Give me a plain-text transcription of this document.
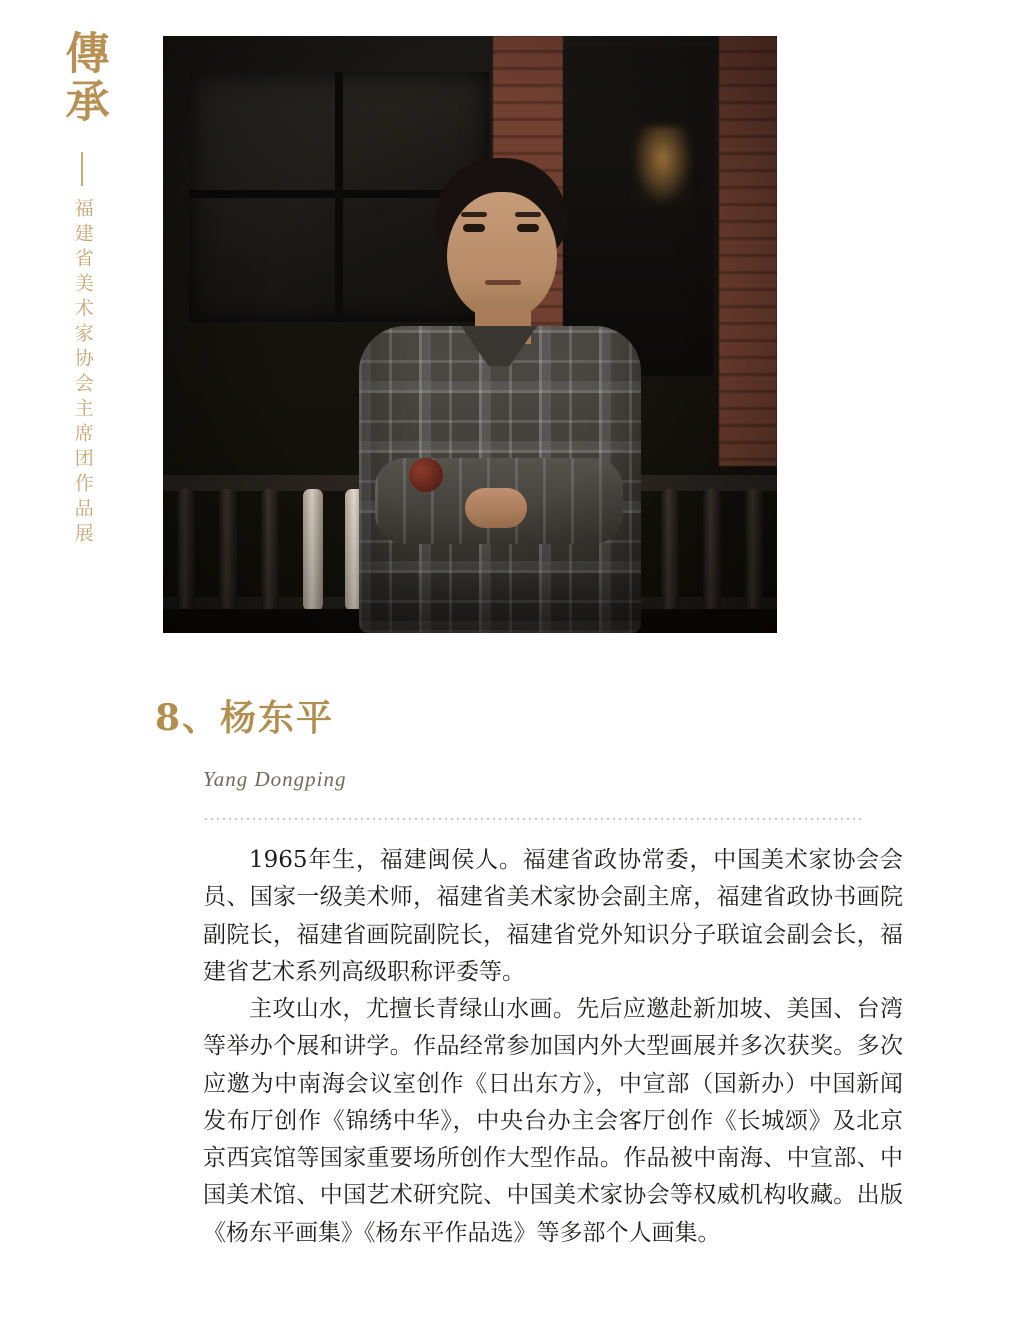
傳承
福建省美术家协会主席团作品展
8、杨东平
Yang Dongping

1965年生，福建闽侯人。福建省政协常委，中国美术家协会会员、国家一级美术师，福建省美术家协会副主席，福建省政协书画院副院长，福建省画院副院长，福建省党外知识分子联谊会副会长，福建省艺术系列高级职称评委等。

主攻山水，尤擅长青绿山水画。先后应邀赴新加坡、美国、台湾等举办个展和讲学。作品经常参加国内外大型画展并多次获奖。多次应邀为中南海会议室创作《日出东方》，中宣部（国新办）中国新闻发布厅创作《锦绣中华》，中央台办主会客厅创作《长城颂》及北京京西宾馆等国家重要场所创作大型作品。作品被中南海、中宣部、中国美术馆、中国艺术研究院、中国美术家协会等权威机构收藏。出版《杨东平画集》《杨东平作品选》等多部个人画集。
